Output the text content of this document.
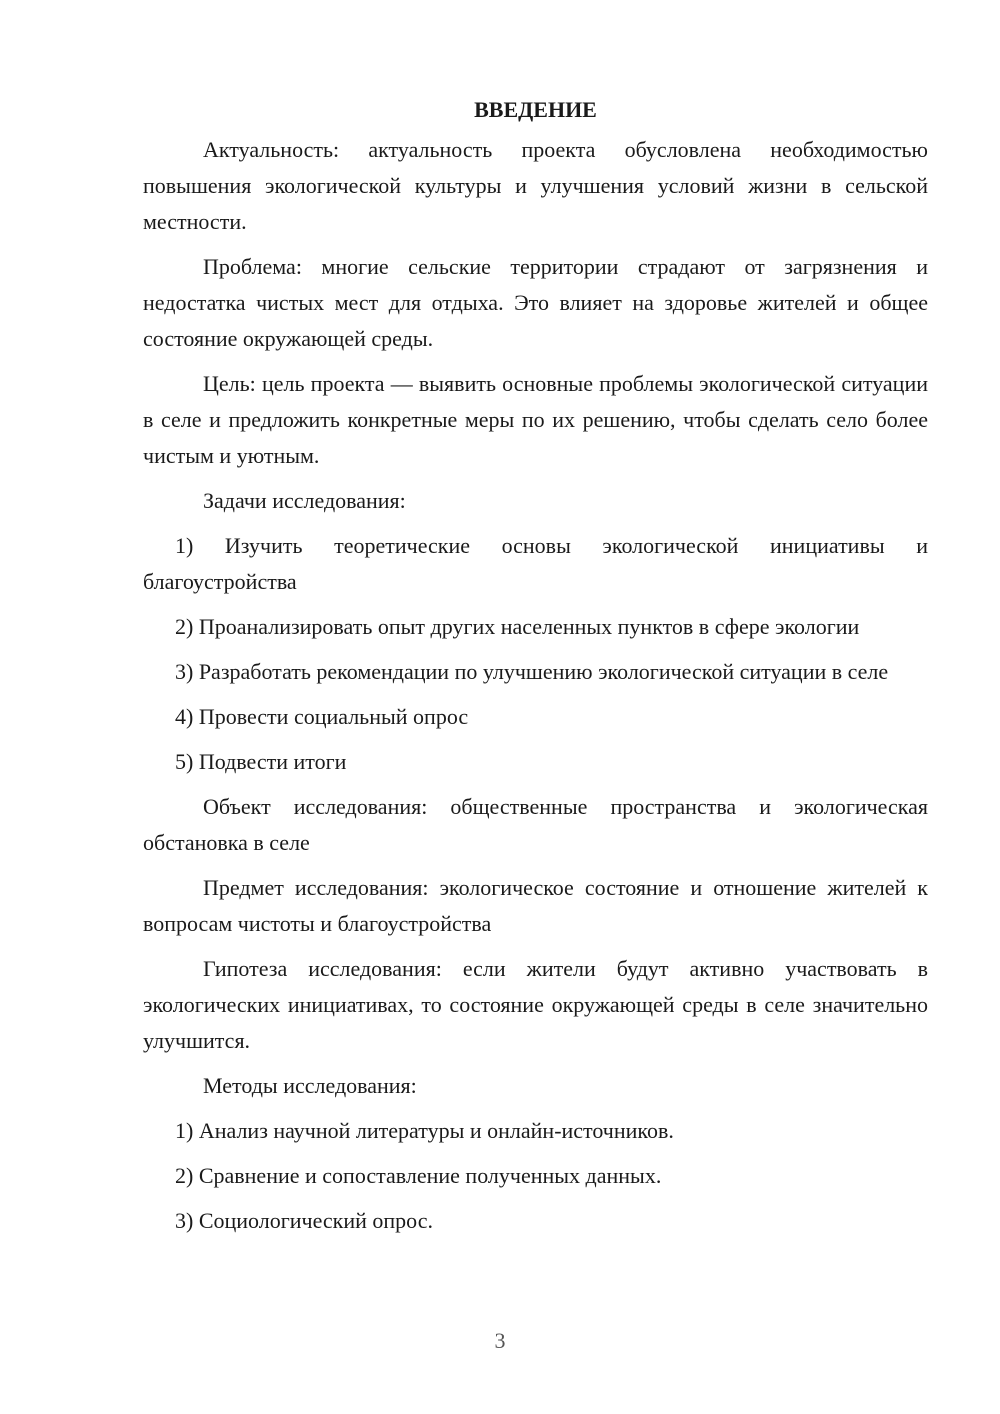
ВВЕДЕНИЕ

Актуальность: актуальность проекта обусловлена необходимостью повышения экологической культуры и улучшения условий жизни в сельской местности.

Проблема: многие сельские территории страдают от загрязнения и недостатка чистых мест для отдыха. Это влияет на здоровье жителей и общее состояние окружающей среды.

Цель: цель проекта — выявить основные проблемы экологической ситуации в селе и предложить конкретные меры по их решению, чтобы сделать село более чистым и уютным.

Задачи исследования:

1) Изучить теоретические основы экологической инициативы и благоустройства

2) Проанализировать опыт других населенных пунктов в сфере экологии

3) Разработать рекомендации по улучшению экологической ситуации в селе

4) Провести социальный опрос

5) Подвести итоги

Объект исследования: общественные пространства и экологическая обстановка в селе

Предмет исследования: экологическое состояние и отношение жителей к вопросам чистоты и благоустройства

Гипотеза исследования: если жители будут активно участвовать в экологических инициативах, то состояние окружающей среды в селе значительно улучшится.

Методы исследования:

1) Анализ научной литературы и онлайн-источников.

2) Сравнение и сопоставление полученных данных.

3) Социологический опрос.

3
